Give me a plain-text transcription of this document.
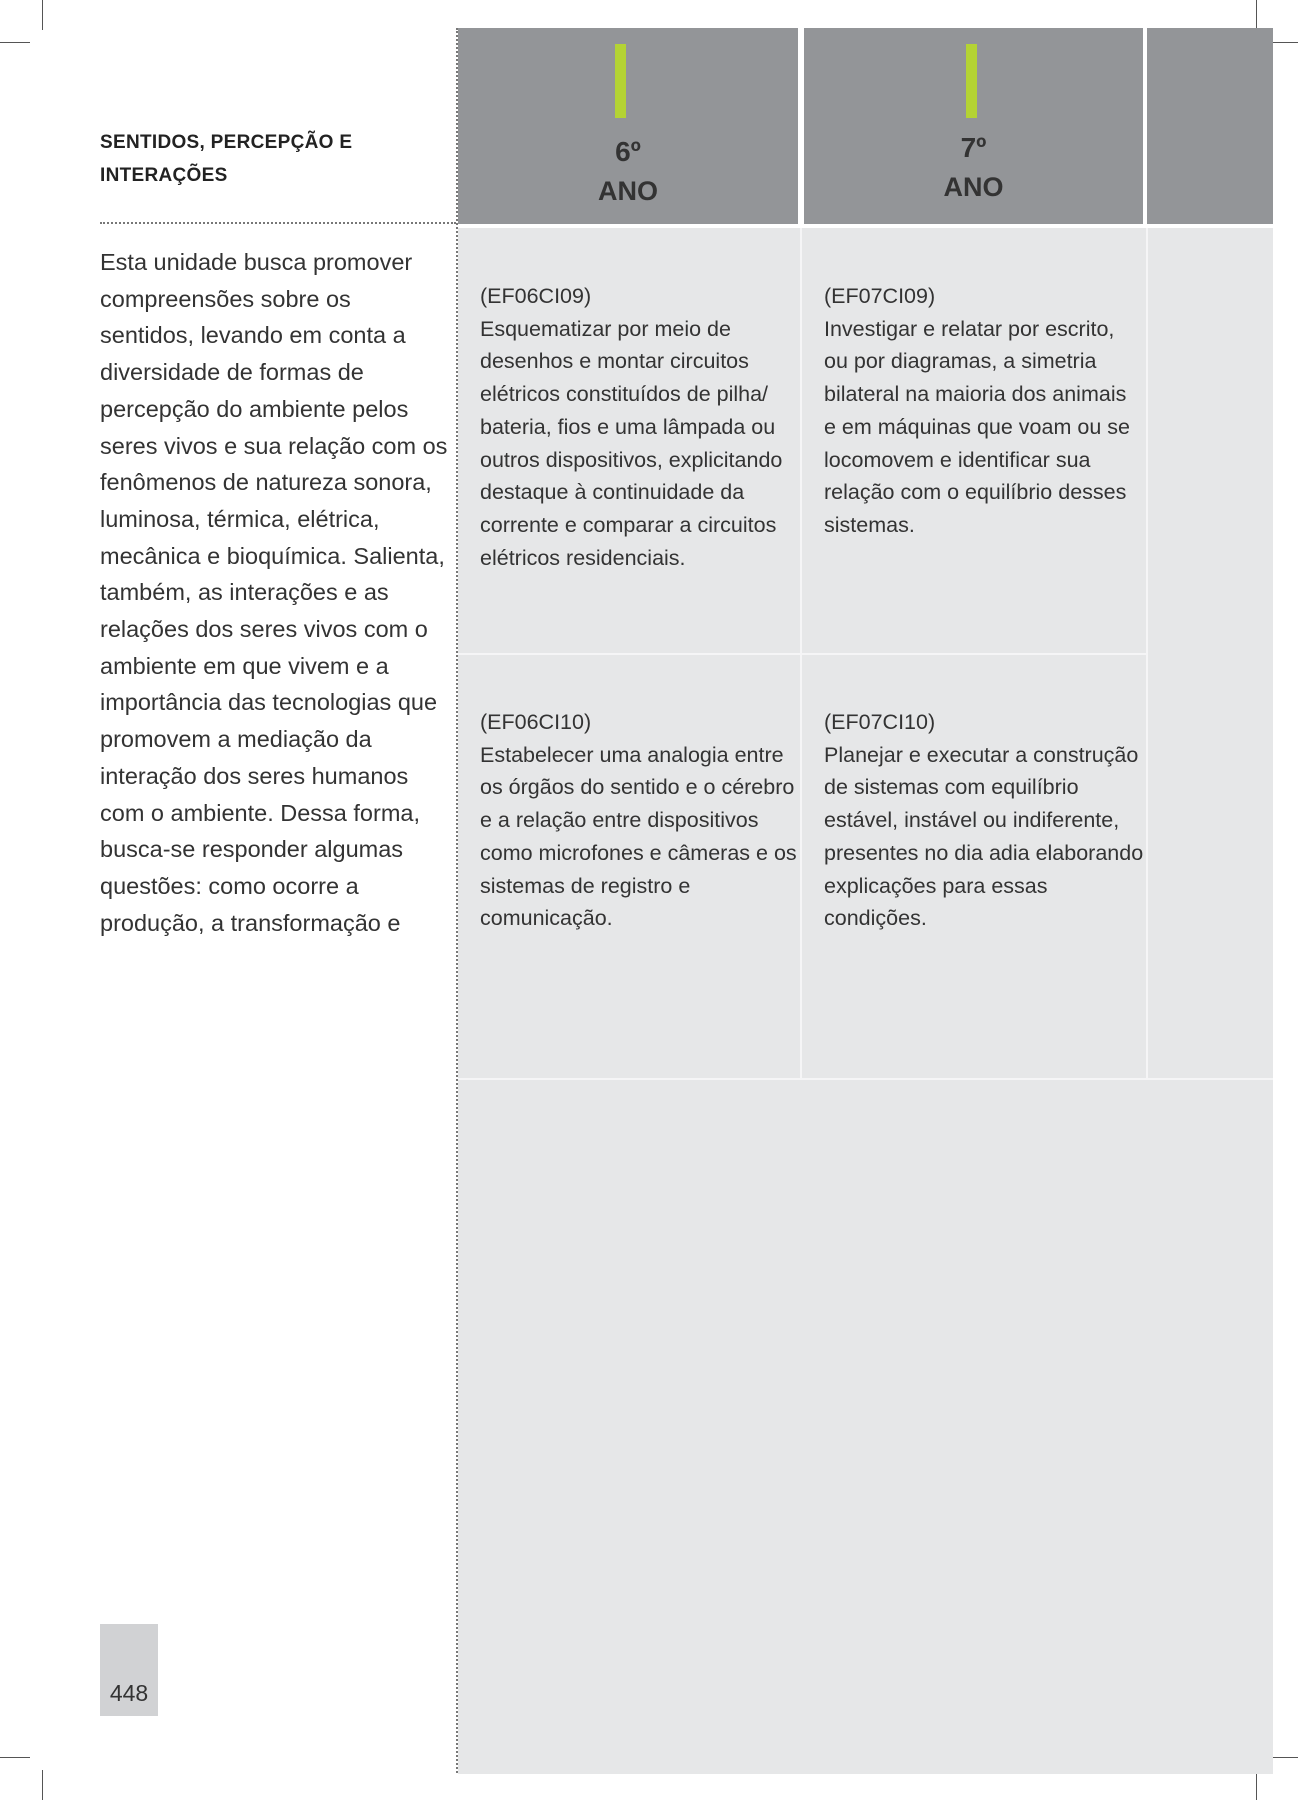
SENTIDOS, PERCEPÇÃO E INTERAÇÕES

Esta unidade busca promover compreensões sobre os sentidos, levando em conta a diversidade de formas de percepção do ambiente pelos seres vivos e sua relação com os fenômenos de natureza sonora, luminosa, térmica, elétrica, mecânica e bioquímica. Salienta, também, as interações e as relações dos seres vivos com o ambiente em que vivem e a importância das tecnologias que promovem a mediação da interação dos seres humanos com o ambiente. Dessa forma, busca-se responder algumas questões: como ocorre a produção, a transformação e

448
6º
ANO
7º
ANO
(EF06CI09)
Esquematizar por meio de desenhos e montar circuitos elétricos constituídos de pilha/ bateria, fios e uma lâmpada ou outros dispositivos, explicitando destaque à continuidade da corrente e comparar a circuitos elétricos residenciais.
(EF07CI09)
Investigar e relatar por escrito, ou por diagramas, a simetria bilateral na maioria dos animais e em máquinas que voam ou se locomovem e identificar sua relação com o equilíbrio desses sistemas.
(EF06CI10)
Estabelecer uma analogia entre os órgãos do sentido e o cérebro e a relação entre dispositivos como microfones e câmeras e os sistemas de registro e comunicação.
(EF07CI10)
Planejar e executar a construção de sistemas com equilíbrio estável, instável ou indiferente, presentes no dia adia elaborando explicações para essas condições.
